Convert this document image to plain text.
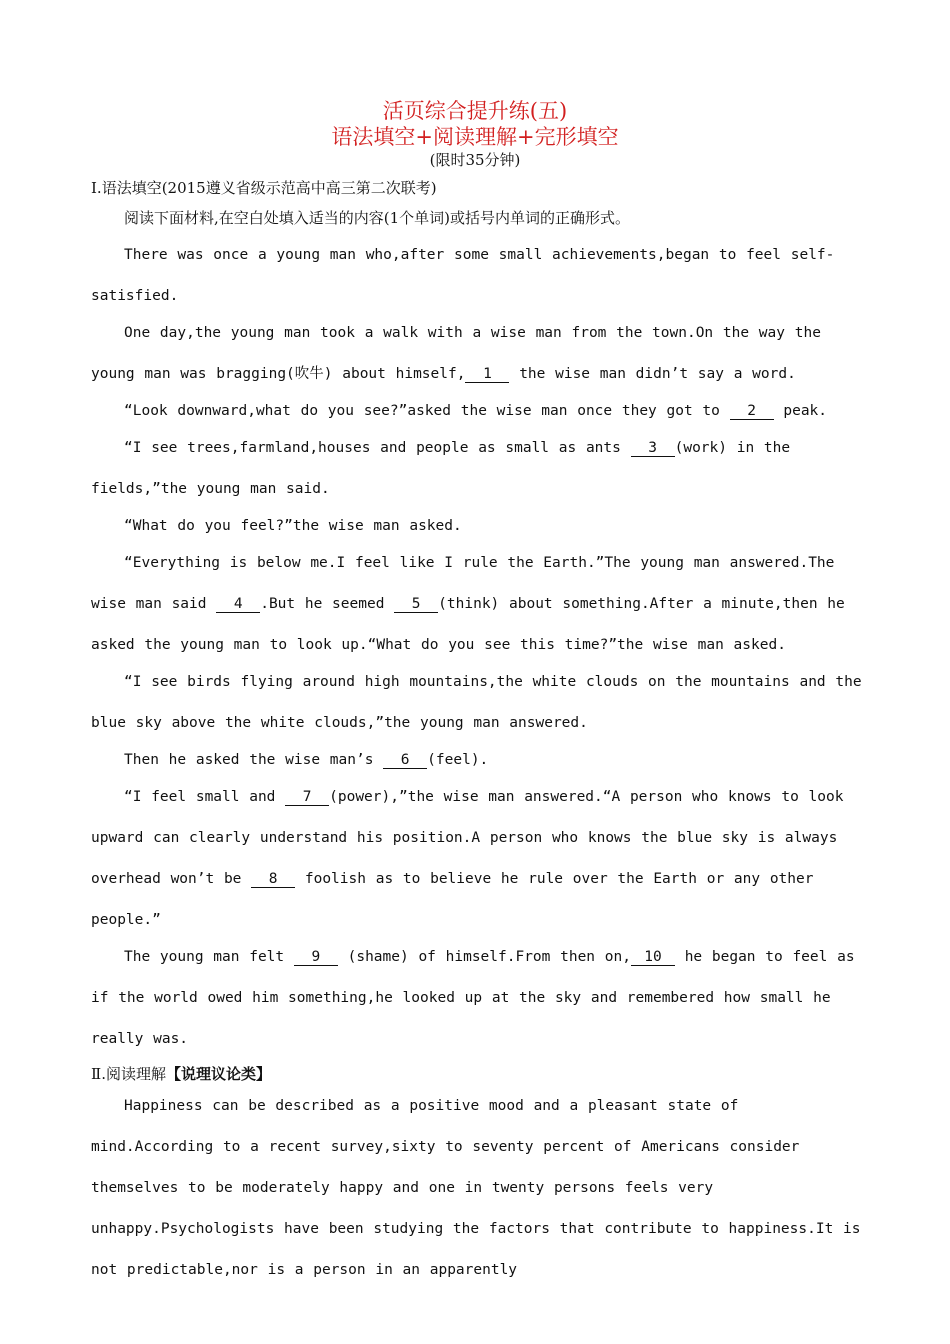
活页综合提升练(五)
语法填空+阅读理解+完形填空
(限时35分钟)
Ⅰ.语法填空(2015遵义省级示范高中高三第二次联考)
阅读下面材料,在空白处填入适当的内容(1个单词)或括号内单词的正确形式。

There was once a young man who,after some small achievements,began to feel self-satisfied.

One day,the young man took a walk with a wise man from the town.On the way the young man was bragging(吹牛) about himself, 1 the wise man didn’t say a word.

“Look downward,what do you see?”asked the wise man once they got to 2 peak.

“I see trees,farmland,houses and people as small as ants 3 (work) in the fields,”the young man said.

“What do you feel?”the wise man asked.

“Everything is below me.I feel like I rule the Earth.”The young man answered.The wise man said 4 .But he seemed 5 (think) about something.After a minute,then he asked the young man to look up.“What do you see this time?”the wise man asked.

“I see birds flying around high mountains,the white clouds on the mountains and the blue sky above the white clouds,”the young man answered.

Then he asked the wise man’s 6 (feel).

“I feel small and 7 (power),”the wise man answered.“A person who knows to look upward can clearly understand his position.A person who knows the blue sky is always overhead won’t be 8 foolish as to believe he rule over the Earth or any other people.”

The young man felt 9 (shame) of himself.From then on, 10 he began to feel as if the world owed him something,he looked up at the sky and remembered how small he really was.

Ⅱ.阅读理解【说理议论类】

Happiness can be described as a positive mood and a pleasant state of mind.According to a recent survey,sixty to seventy percent of Americans consider themselves to be moderately happy and one in twenty persons feels very unhappy.Psychologists have been studying the factors that contribute to happiness.It is not predictable,nor is a person in an apparently
